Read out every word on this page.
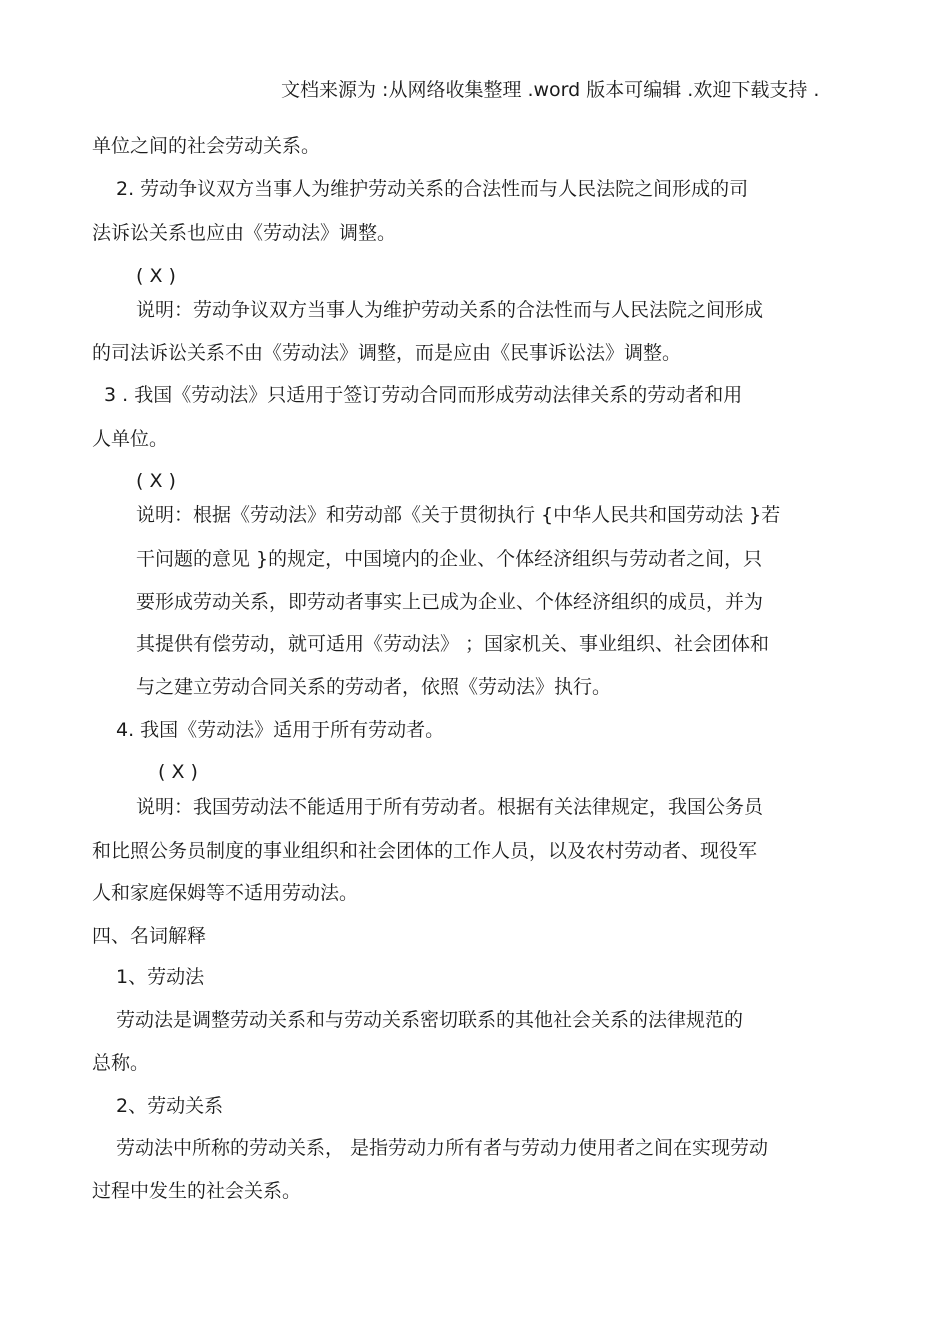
文档来源为 :从网络收集整理 .word 版本可编辑 .欢迎下载支持 .
单位之间的社会劳动关系。
2. 劳动争议双方当事人为维护劳动关系的合法性而与人民法院之间形成的司
法诉讼关系也应由《劳动法》调整。
( X )
说明：劳动争议双方当事人为维护劳动关系的合法性而与人民法院之间形成
的司法诉讼关系不由《劳动法》调整，而是应由《民事诉讼法》调整。
3 . 我国《劳动法》只适用于签订劳动合同而形成劳动法律关系的劳动者和用
人单位。
( X )
说明：根据《劳动法》和劳动部《关于贯彻执行 {中华人民共和国劳动法 }若
干问题的意见 }的规定，中国境内的企业、个体经济组织与劳动者之间，只
要形成劳动关系，即劳动者事实上已成为企业、个体经济组织的成员，并为
其提供有偿劳动，就可适用《劳动法》 ；国家机关、事业组织、社会团体和
与之建立劳动合同关系的劳动者，依照《劳动法》执行。
4. 我国《劳动法》适用于所有劳动者。
( X )
说明：我国劳动法不能适用于所有劳动者。根据有关法律规定，我国公务员
和比照公务员制度的事业组织和社会团体的工作人员，以及农村劳动者、现役军
人和家庭保姆等不适用劳动法。
四、名词解释
1、劳动法
劳动法是调整劳动关系和与劳动关系密切联系的其他社会关系的法律规范的
总称。
2、劳动关系
劳动法中所称的劳动关系， 是指劳动力所有者与劳动力使用者之间在实现劳动
过程中发生的社会关系。
